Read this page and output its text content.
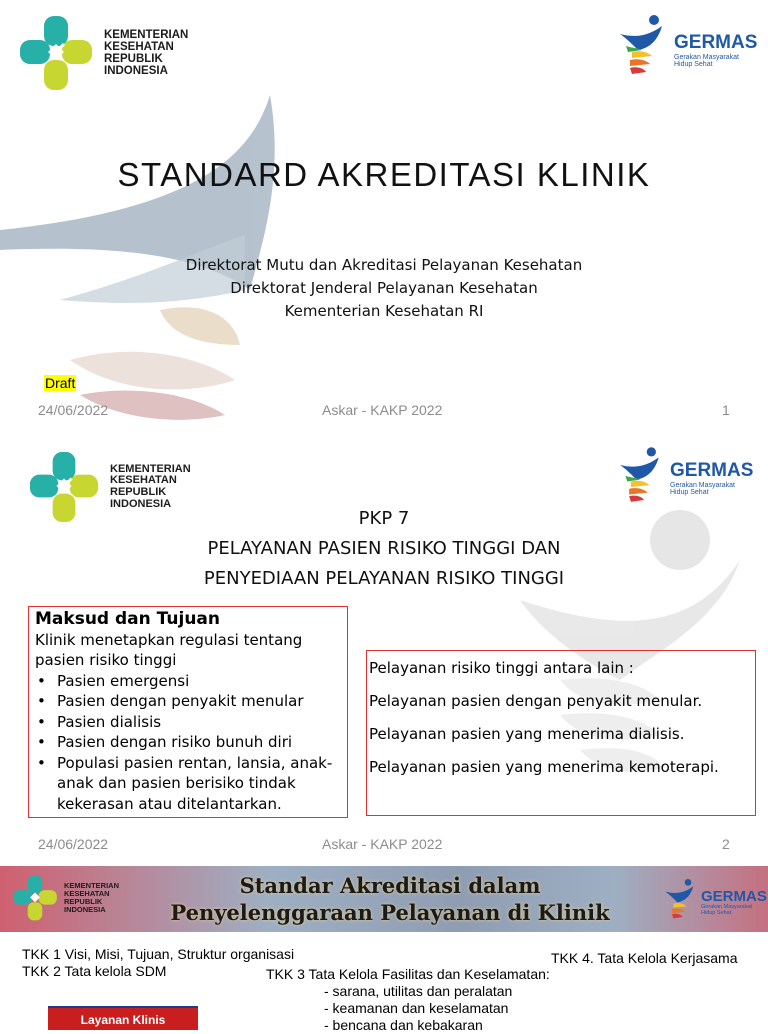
KEMENTERIAN
KESEHATAN
REPUBLIK
INDONESIA
GERMAS
Gerakan Masyarakat
Hidup Sehat
STANDARD AKREDITASI KLINIK
Direktorat Mutu dan Akreditasi Pelayanan Kesehatan
Direktorat Jenderal Pelayanan Kesehatan
Kementerian Kesehatan RI
Draft
24/06/2022	Askar - KAKP 2022	1
KEMENTERIAN
KESEHATAN
REPUBLIK
INDONESIA
GERMAS
Gerakan Masyarakat
Hidup Sehat
PKP 7
PELAYANAN PASIEN RISIKO TINGGI DAN
PENYEDIAAN PELAYANAN RISIKO TINGGI
Maksud dan Tujuan
Klinik menetapkan regulasi tentang
pasien risiko tinggi
• Pasien emergensi
• Pasien dengan penyakit menular
• Pasien dialisis
• Pasien dengan risiko bunuh diri
• Populasi pasien rentan, lansia, anak-
anak dan pasien berisiko tindak
kekerasan atau ditelantarkan.

Pelayanan risiko tinggi antara lain :

Pelayanan pasien dengan penyakit menular.

Pelayanan pasien yang menerima dialisis.

Pelayanan pasien yang menerima kemoterapi.

24/06/2022	Askar - KAKP 2022	2
KEMENTERIAN
KESEHATAN
REPUBLIK
INDONESIA
Standar Akreditasi dalam
Penyelenggaraan Pelayanan di Klinik
GERMAS
Gerakan Masyarakat
Hidup Sehat
TKK 1 Visi, Misi, Tujuan, Struktur organisasi
TKK 2 Tata kelola SDM
TKK 4. Tata Kelola Kerjasama
TKK 3 Tata Kelola Fasilitas dan Keselamatan:
- sarana, utilitas dan peralatan
- keamanan dan keselamatan
- bencana dan kebakaran
Layanan Klinis
